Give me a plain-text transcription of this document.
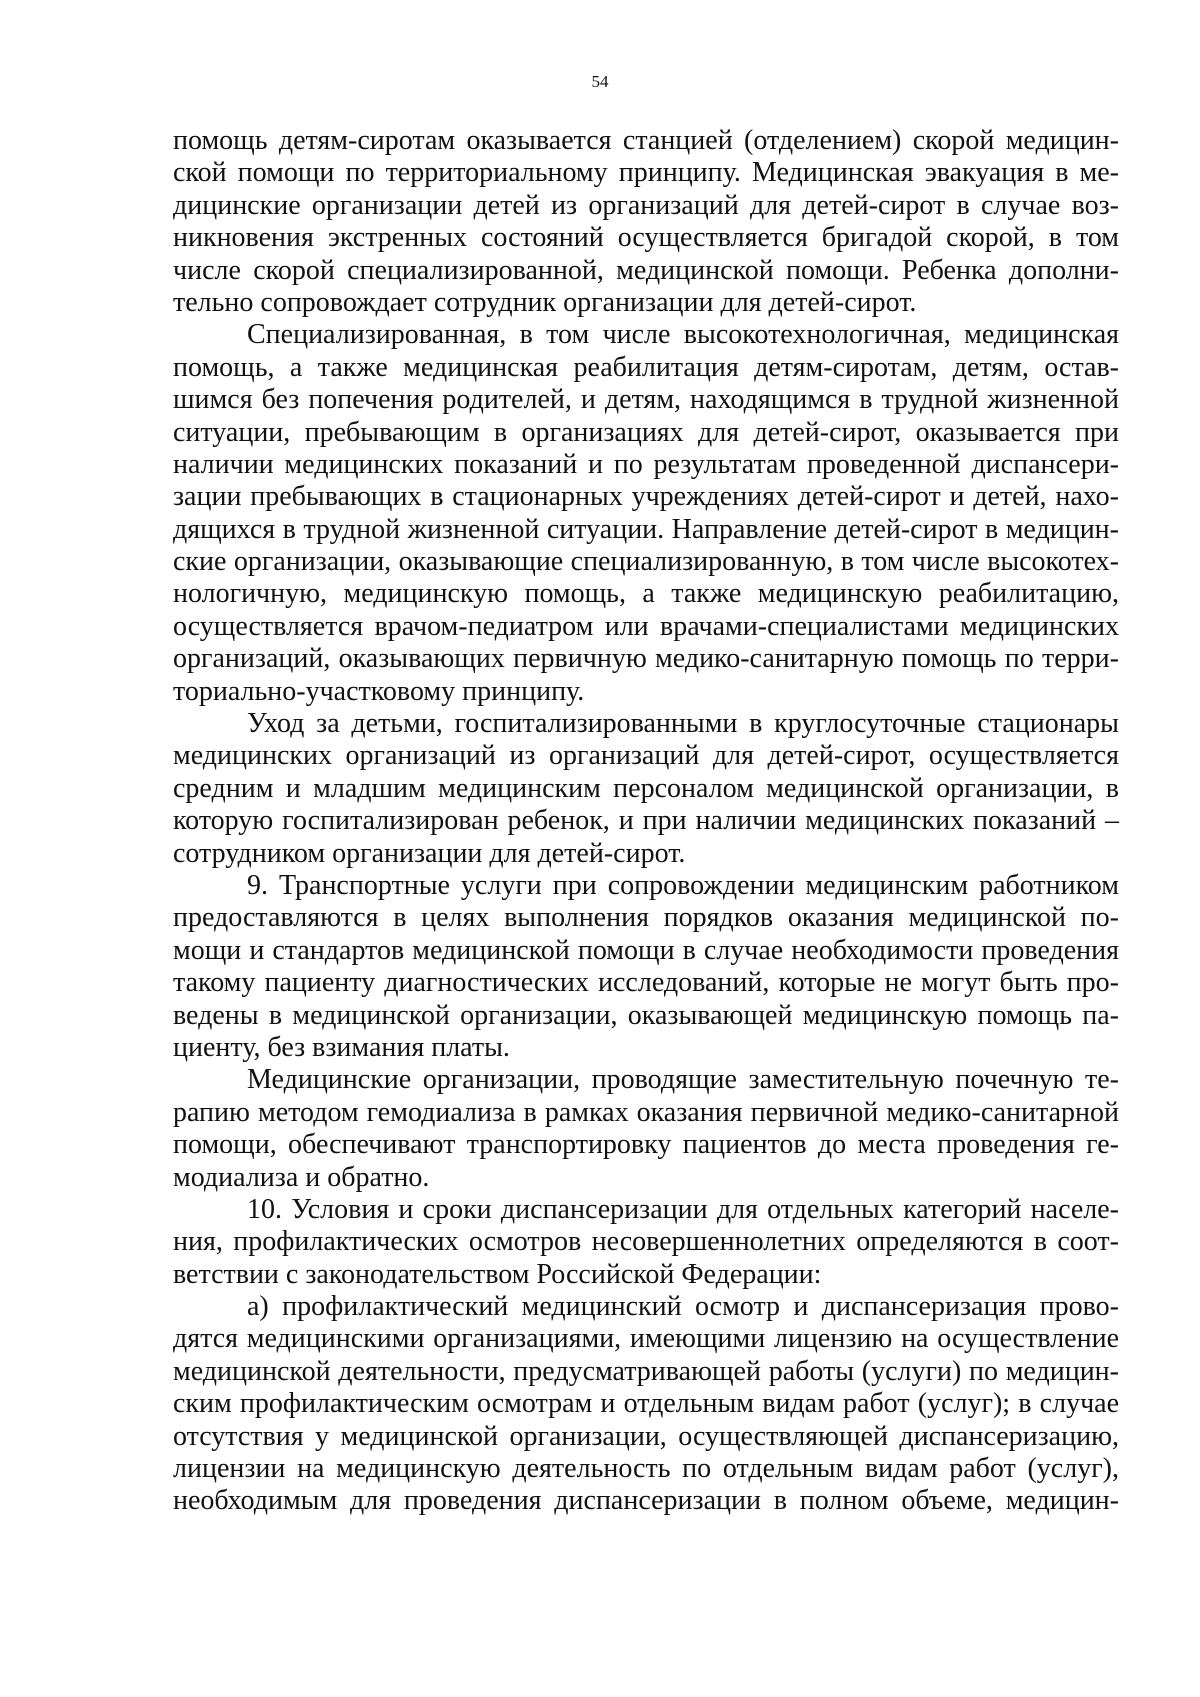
54
помощь детям-сиротам оказывается станцией (отделением) скорой медицин-
ской помощи по территориальному принципу. Медицинская эвакуация в ме-
дицинские организации детей из организаций для детей-сирот в случае воз-
никновения экстренных состояний осуществляется бригадой скорой, в том
числе скорой специализированной, медицинской помощи. Ребенка дополни-
тельно сопровождает сотрудник организации для детей-сирот.
Специализированная, в том числе высокотехнологичная, медицинская
помощь, а также медицинская реабилитация детям-сиротам, детям, остав-
шимся без попечения родителей, и детям, находящимся в трудной жизненной
ситуации, пребывающим в организациях для детей-сирот, оказывается при
наличии медицинских показаний и по результатам проведенной диспансери-
зации пребывающих в стационарных учреждениях детей-сирот и детей, нахо-
дящихся в трудной жизненной ситуации. Направление детей-сирот в медицин-
ские организации, оказывающие специализированную, в том числе высокотех-
нологичную, медицинскую помощь, а также медицинскую реабилитацию,
осуществляется врачом-педиатром или врачами-специалистами медицинских
организаций, оказывающих первичную медико-санитарную помощь по терри-
ториально-участковому принципу.
Уход за детьми, госпитализированными в круглосуточные стационары
медицинских организаций из организаций для детей-сирот, осуществляется
средним и младшим медицинским персоналом медицинской организации, в
которую госпитализирован ребенок, и при наличии медицинских показаний –
сотрудником организации для детей-сирот.
9. Транспортные услуги при сопровождении медицинским работником
предоставляются в целях выполнения порядков оказания медицинской по-
мощи и стандартов медицинской помощи в случае необходимости проведения
такому пациенту диагностических исследований, которые не могут быть про-
ведены в медицинской организации, оказывающей медицинскую помощь па-
циенту, без взимания платы.
Медицинские организации, проводящие заместительную почечную те-
рапию методом гемодиализа в рамках оказания первичной медико-санитарной
помощи, обеспечивают транспортировку пациентов до места проведения ге-
модиализа и обратно.
10. Условия и сроки диспансеризации для отдельных категорий населе-
ния, профилактических осмотров несовершеннолетних определяются в соот-
ветствии с законодательством Российской Федерации:
а) профилактический медицинский осмотр и диспансеризация прово-
дятся медицинскими организациями, имеющими лицензию на осуществление
медицинской деятельности, предусматривающей работы (услуги) по медицин-
ским профилактическим осмотрам и отдельным видам работ (услуг); в случае
отсутствия у медицинской организации, осуществляющей диспансеризацию,
лицензии на медицинскую деятельность по отдельным видам работ (услуг),
необходимым для проведения диспансеризации в полном объеме, медицин-
